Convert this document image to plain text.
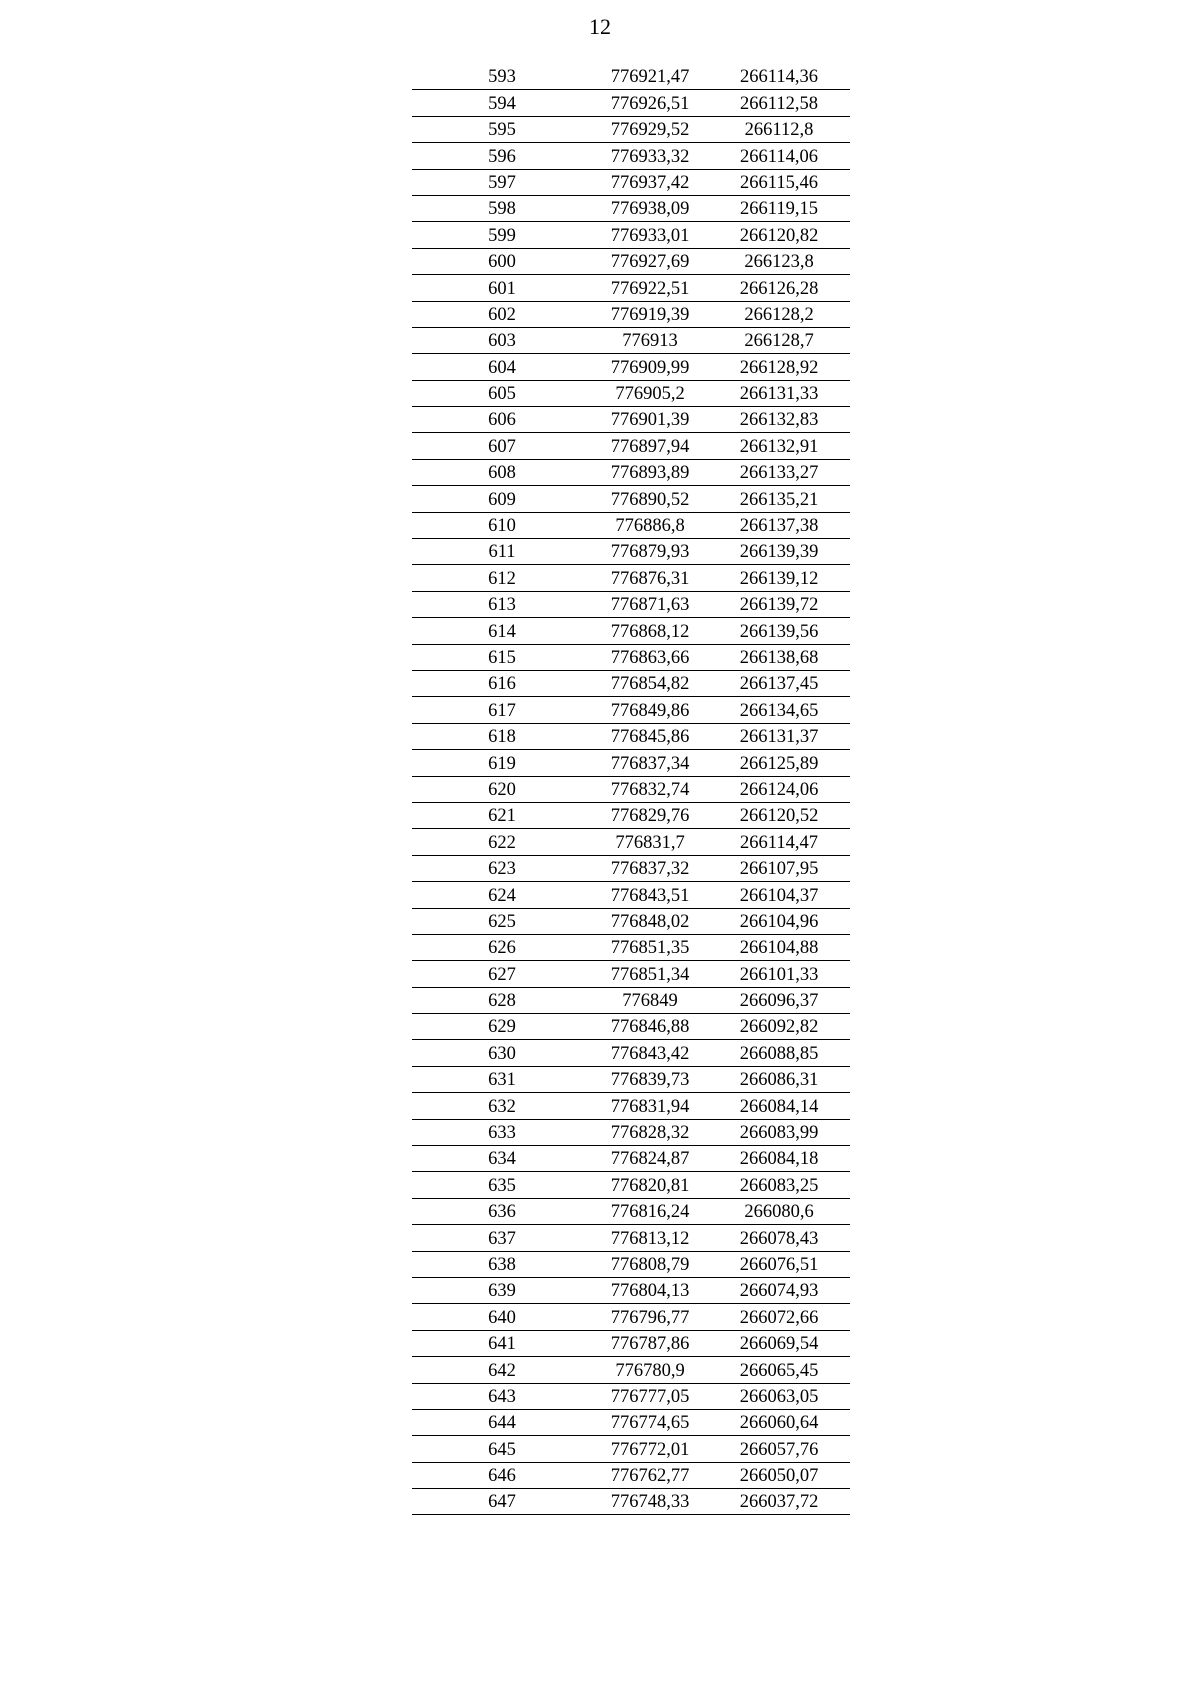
12
593	776921,47	266114,36
594	776926,51	266112,58
595	776929,52	266112,8
596	776933,32	266114,06
597	776937,42	266115,46
598	776938,09	266119,15
599	776933,01	266120,82
600	776927,69	266123,8
601	776922,51	266126,28
602	776919,39	266128,2
603	776913	266128,7
604	776909,99	266128,92
605	776905,2	266131,33
606	776901,39	266132,83
607	776897,94	266132,91
608	776893,89	266133,27
609	776890,52	266135,21
610	776886,8	266137,38
611	776879,93	266139,39
612	776876,31	266139,12
613	776871,63	266139,72
614	776868,12	266139,56
615	776863,66	266138,68
616	776854,82	266137,45
617	776849,86	266134,65
618	776845,86	266131,37
619	776837,34	266125,89
620	776832,74	266124,06
621	776829,76	266120,52
622	776831,7	266114,47
623	776837,32	266107,95
624	776843,51	266104,37
625	776848,02	266104,96
626	776851,35	266104,88
627	776851,34	266101,33
628	776849	266096,37
629	776846,88	266092,82
630	776843,42	266088,85
631	776839,73	266086,31
632	776831,94	266084,14
633	776828,32	266083,99
634	776824,87	266084,18
635	776820,81	266083,25
636	776816,24	266080,6
637	776813,12	266078,43
638	776808,79	266076,51
639	776804,13	266074,93
640	776796,77	266072,66
641	776787,86	266069,54
642	776780,9	266065,45
643	776777,05	266063,05
644	776774,65	266060,64
645	776772,01	266057,76
646	776762,77	266050,07
647	776748,33	266037,72
